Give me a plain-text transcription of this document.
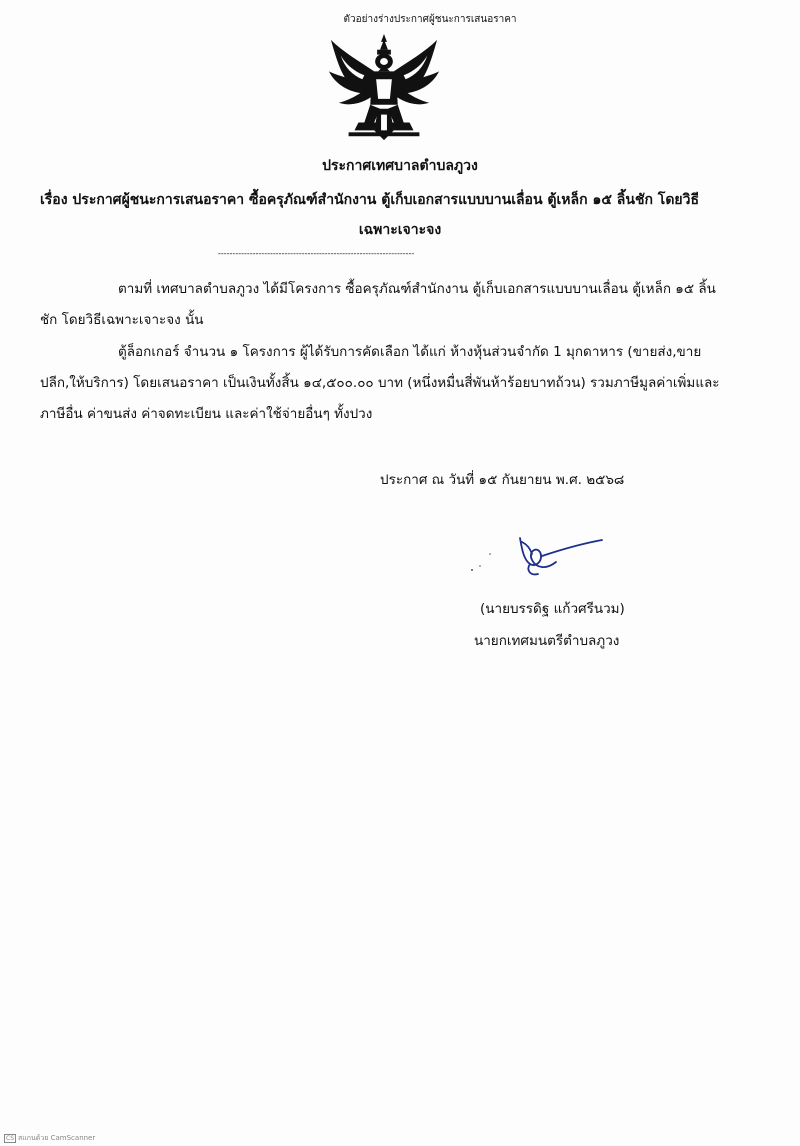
ตัวอย่างร่างประกาศผู้ชนะการเสนอราคา
ประกาศเทศบาลตำบลภูวง
เรื่อง ประกาศผู้ชนะการเสนอราคา ซื้อครุภัณฑ์สำนักงาน ตู้เก็บเอกสารแบบบานเลื่อน ตู้เหล็ก ๑๕ ลิ้นชัก โดยวิธี
เฉพาะเจาะจง
--------------------------------------------------------------------
ตามที่ เทศบาลตำบลภูวง ได้มีโครงการ ซื้อครุภัณฑ์สำนักงาน ตู้เก็บเอกสารแบบบานเลื่อน ตู้เหล็ก ๑๕ ลิ้นชัก โดยวิธีเฉพาะเจาะจง นั้น
ตู้ล็อกเกอร์ จำนวน ๑ โครงการ ผู้ได้รับการคัดเลือก ได้แก่ ห้างหุ้นส่วนจำกัด 1 มุกดาหาร (ขายส่ง,ขายปลีก,ให้บริการ) โดยเสนอราคา เป็นเงินทั้งสิ้น ๑๔,๕๐๐.๐๐ บาท (หนึ่งหมื่นสี่พันห้าร้อยบาทถ้วน) รวมภาษีมูลค่าเพิ่มและภาษีอื่น ค่าขนส่ง ค่าจดทะเบียน และค่าใช้จ่ายอื่นๆ ทั้งปวง
ประกาศ ณ วันที่ ๑๕ กันยายน พ.ศ. ๒๕๖๘
(นายบรรดิฐ แก้วศรีนวม)
นายกเทศมนตรีตำบลภูวง
CS สแกนด้วย CamScanner
